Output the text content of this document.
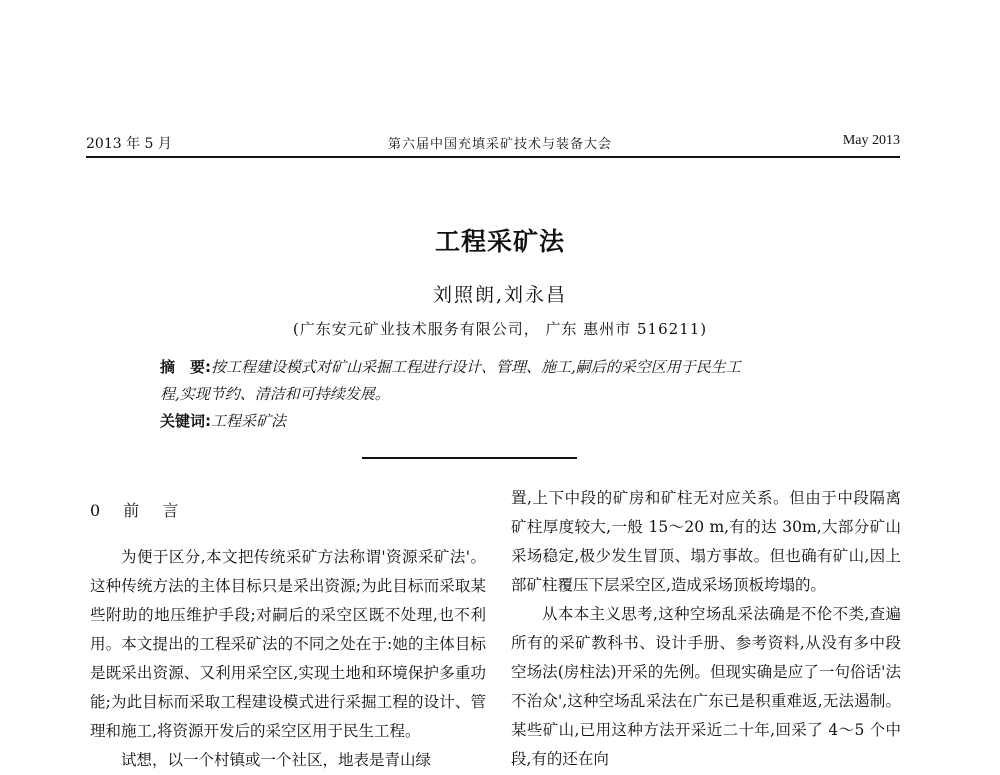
2013 年 5 月	第六届中国充填采矿技术与装备大会	May 2013
工程采矿法
刘照朗,刘永昌
(广东安元矿业技术服务有限公司， 广东 惠州市 516211)

摘　要:按工程建设模式对矿山采掘工程进行设计、管理、施工,嗣后的采空区用于民生工

程,实现节约、清洁和可持续发展。

关键词:工程采矿法

0 前 言

为便于区分,本文把传统采矿方法称谓'资源采矿法'。这种传统方法的主体目标只是采出资源;为此目标而采取某些附助的地压维护手段;对嗣后的采空区既不处理,也不利用。本文提出的工程采矿法的不同之处在于:她的主体目标是既采出资源、又利用采空区,实现土地和环境保护多重功能;为此目标而采取工程建设模式进行采掘工程的设计、管理和施工,将资源开发后的采空区用于民生工程。

试想，以一个村镇或一个社区，地表是青山绿

置,上下中段的矿房和矿柱无对应关系。但由于中段隔离矿柱厚度较大,一般 15～20 m,有的达 30m,大部分矿山采场稳定,极少发生冒顶、塌方事故。但也确有矿山,因上部矿柱覆压下层采空区,造成采场顶板垮塌的。

从本本主义思考,这种空场乱采法确是不伦不类,查遍所有的采矿教科书、设计手册、参考资料,从没有多中段空场法(房柱法)开采的先例。但现实确是应了一句俗话'法不治众',这种空场乱采法在广东已是积重难返,无法遏制。某些矿山,已用这种方法开采近二十年,回采了 4～5 个中段,有的还在向
